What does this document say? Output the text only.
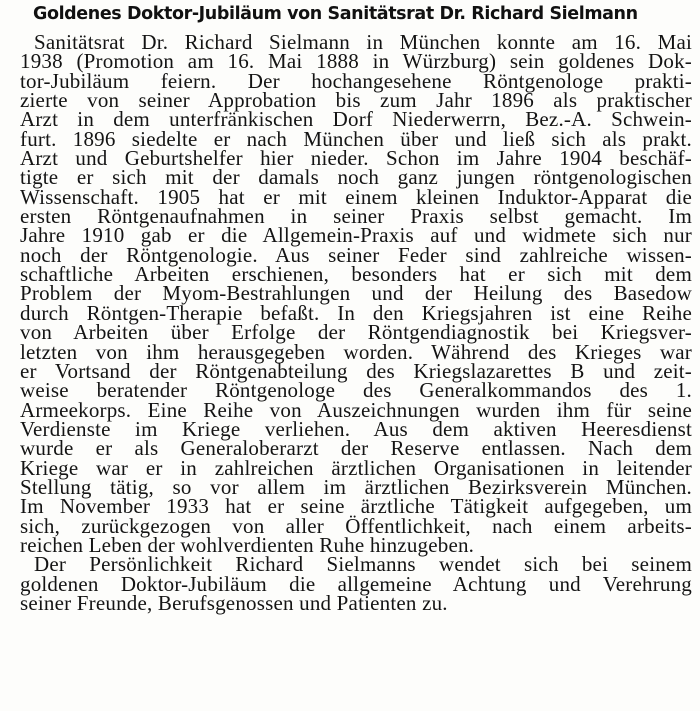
Goldenes Doktor-Jubiläum von Sanitätsrat Dr. Richard Sielmann
Sanitätsrat Dr. Richard Sielmann in München konnte am 16. Mai
1938 (Promotion am 16. Mai 1888 in Würzburg) sein goldenes Dok-
tor-Jubiläum feiern. Der hochangesehene Röntgenologe prakti-
zierte von seiner Approbation bis zum Jahr 1896 als praktischer
Arzt in dem unterfränkischen Dorf Niederwerrn, Bez.-A. Schwein-
furt. 1896 siedelte er nach München über und ließ sich als prakt.
Arzt und Geburtshelfer hier nieder. Schon im Jahre 1904 beschäf-
tigte er sich mit der damals noch ganz jungen röntgenologischen
Wissenschaft. 1905 hat er mit einem kleinen Induktor-Apparat die
ersten Röntgenaufnahmen in seiner Praxis selbst gemacht. Im
Jahre 1910 gab er die Allgemein-Praxis auf und widmete sich nur
noch der Röntgenologie. Aus seiner Feder sind zahlreiche wissen-
schaftliche Arbeiten erschienen, besonders hat er sich mit dem
Problem der Myom-Bestrahlungen und der Heilung des Basedow
durch Röntgen-Therapie befaßt. In den Kriegsjahren ist eine Reihe
von Arbeiten über Erfolge der Röntgendiagnostik bei Kriegsver-
letzten von ihm herausgegeben worden. Während des Krieges war
er Vortsand der Röntgenabteilung des Kriegslazarettes B und zeit-
weise beratender Röntgenologe des Generalkommandos des 1.
Armeekorps. Eine Reihe von Auszeichnungen wurden ihm für seine
Verdienste im Kriege verliehen. Aus dem aktiven Heeresdienst
wurde er als Generaloberarzt der Reserve entlassen. Nach dem
Kriege war er in zahlreichen ärztlichen Organisationen in leitender
Stellung tätig, so vor allem im ärztlichen Bezirksverein München.
Im November 1933 hat er seine ärztliche Tätigkeit aufgegeben, um
sich, zurückgezogen von aller Öffentlichkeit, nach einem arbeits-
reichen Leben der wohlverdienten Ruhe hinzugeben.
Der Persönlichkeit Richard Sielmanns wendet sich bei seinem
goldenen Doktor-Jubiläum die allgemeine Achtung und Verehrung
seiner Freunde, Berufsgenossen und Patienten zu.
